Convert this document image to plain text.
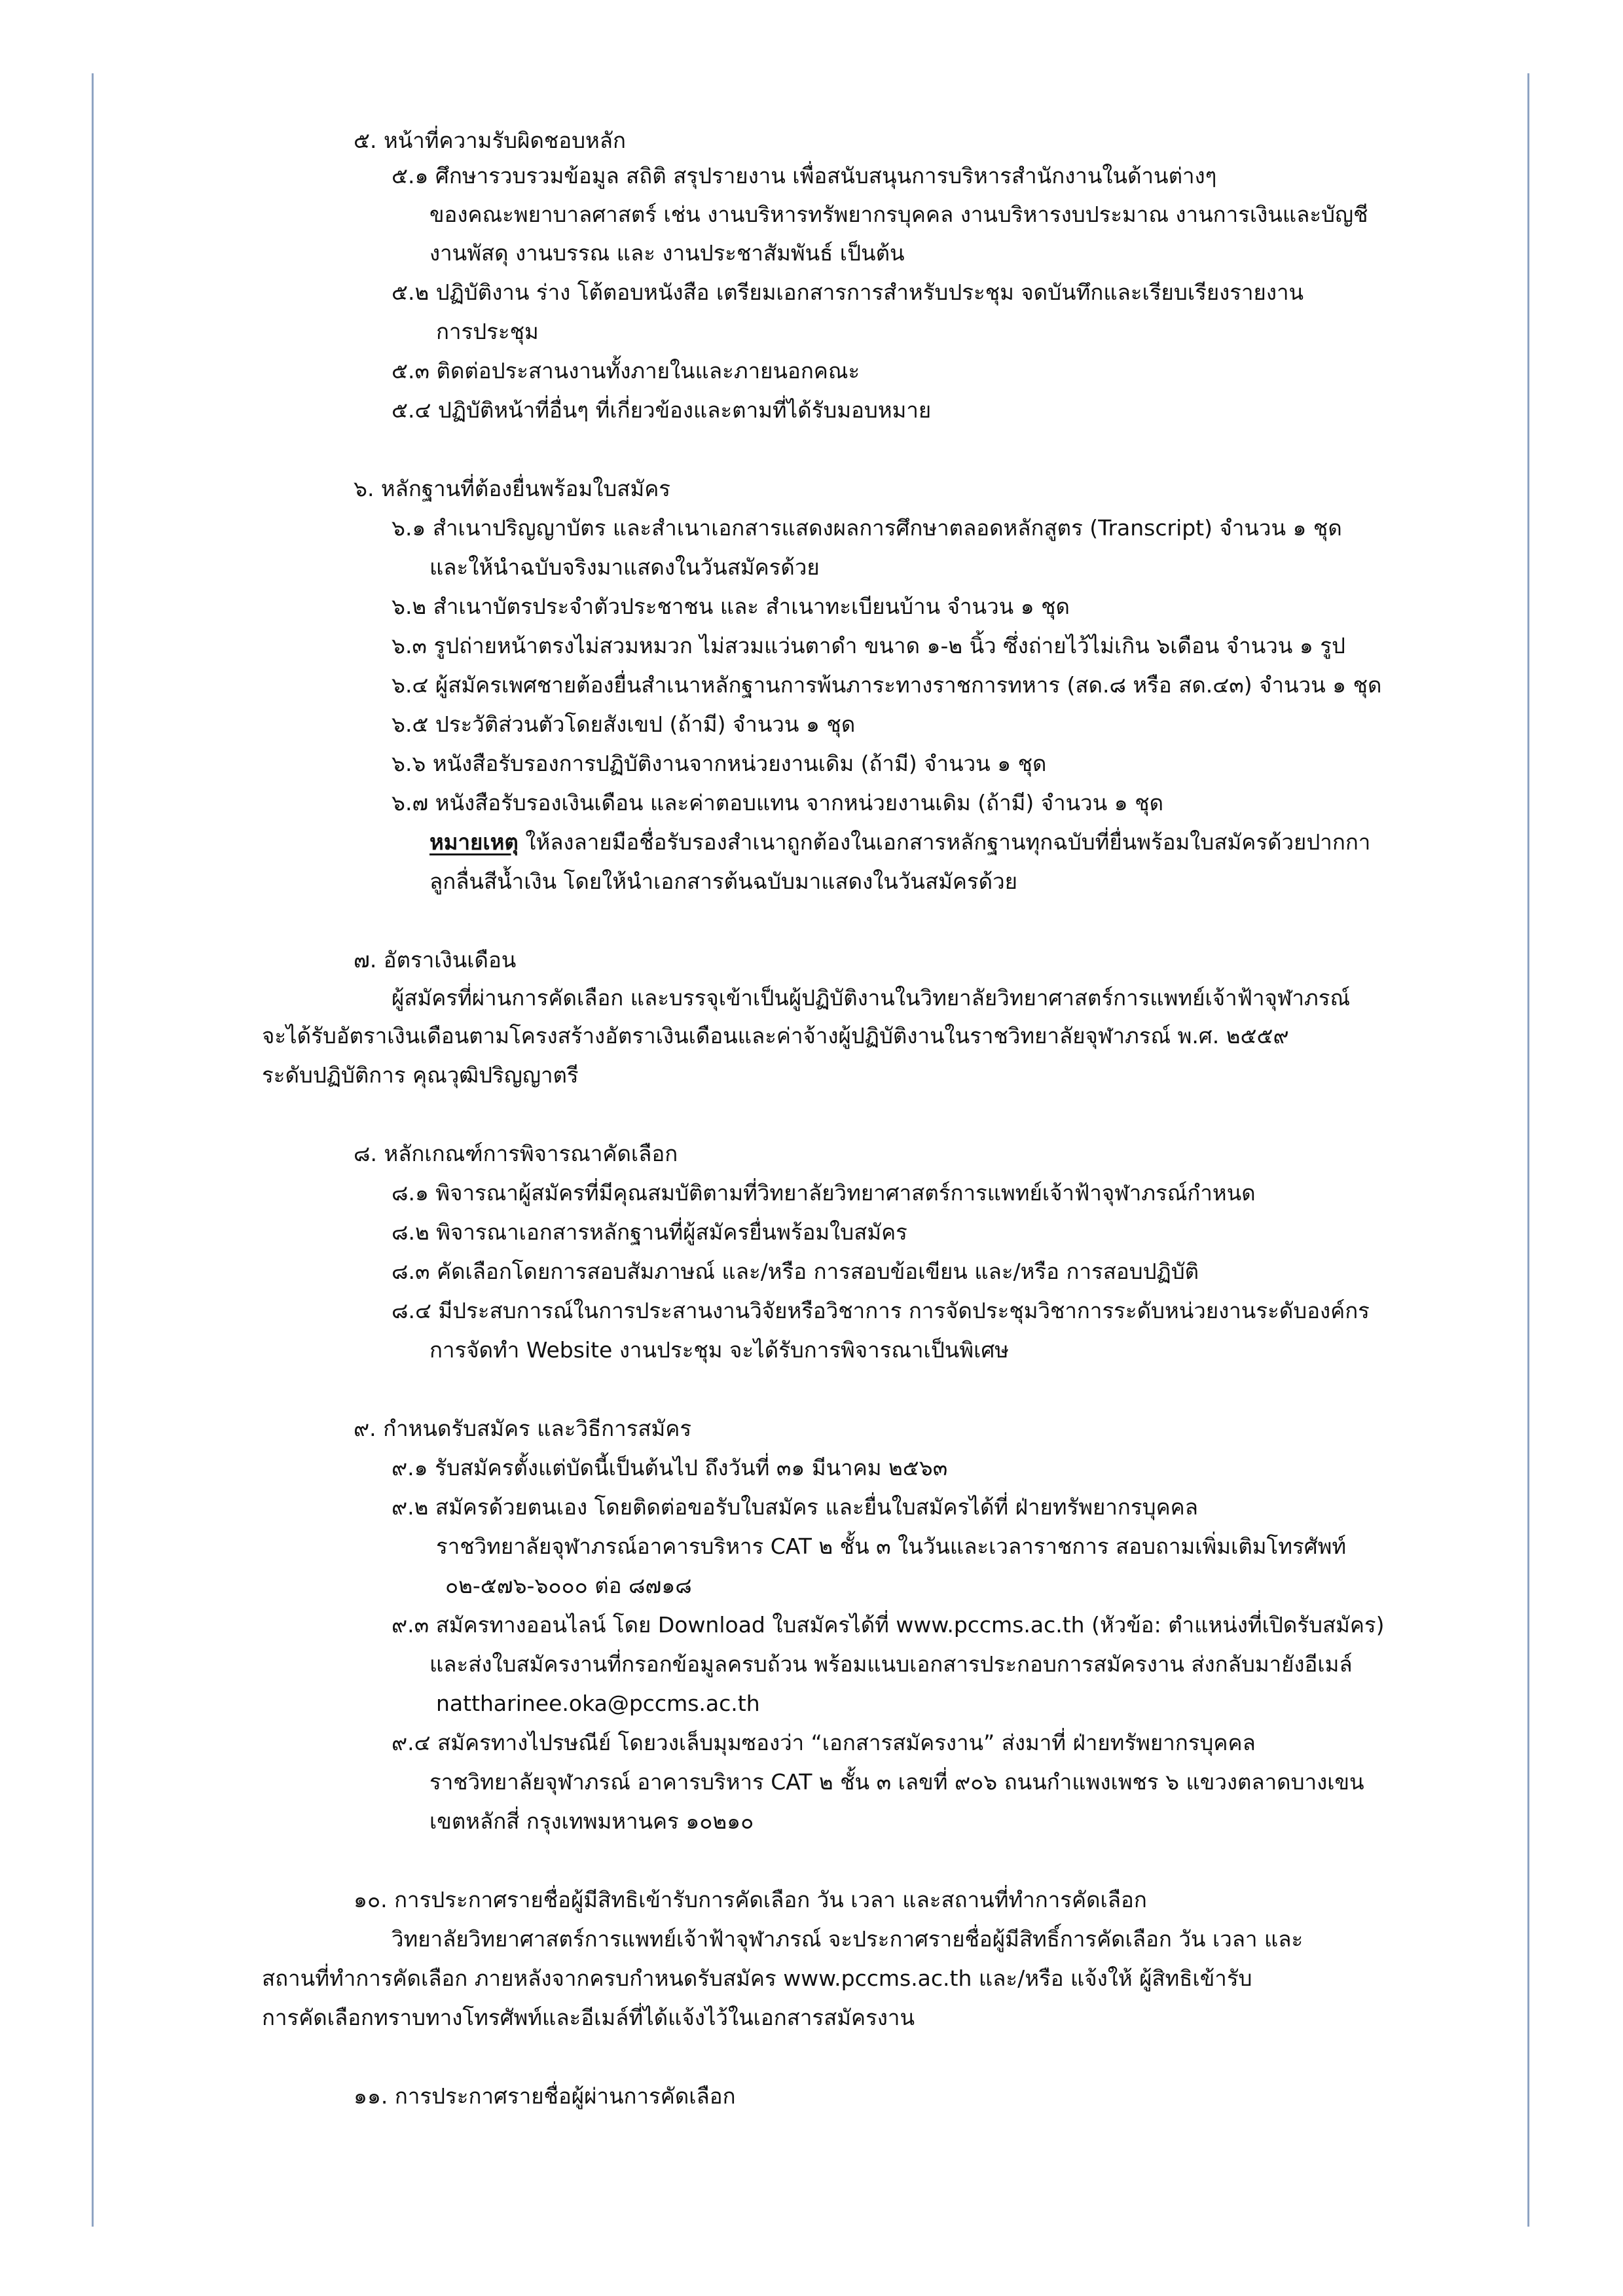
๕. หน้าที่ความรับผิดชอบหลัก
๕.๑ ศึกษารวบรวมข้อมูล สถิติ สรุปรายงาน เพื่อสนับสนุนการบริหารสำนักงานในด้านต่างๆ
ของคณะพยาบาลศาสตร์ เช่น งานบริหารทรัพยากรบุคคล งานบริหารงบประมาณ งานการเงินและบัญชี
งานพัสดุ งานบรรณ และ งานประชาสัมพันธ์ เป็นต้น
๕.๒ ปฏิบัติงาน ร่าง โต้ตอบหนังสือ เตรียมเอกสารการสำหรับประชุม จดบันทึกและเรียบเรียงรายงาน
การประชุม
๕.๓ ติดต่อประสานงานทั้งภายในและภายนอกคณะ
๕.๔ ปฏิบัติหน้าที่อื่นๆ ที่เกี่ยวข้องและตามที่ได้รับมอบหมาย
๖. หลักฐานที่ต้องยื่นพร้อมใบสมัคร
๖.๑ สำเนาปริญญาบัตร และสำเนาเอกสารแสดงผลการศึกษาตลอดหลักสูตร (Transcript) จำนวน ๑ ชุด
และให้นำฉบับจริงมาแสดงในวันสมัครด้วย
๖.๒ สำเนาบัตรประจำตัวประชาชน และ สำเนาทะเบียนบ้าน จำนวน ๑ ชุด
๖.๓ รูปถ่ายหน้าตรงไม่สวมหมวก ไม่สวมแว่นตาดำ ขนาด ๑-๒ นิ้ว ซึ่งถ่ายไว้ไม่เกิน ๖เดือน จำนวน ๑ รูป
๖.๔ ผู้สมัครเพศชายต้องยื่นสำเนาหลักฐานการพ้นภาระทางราชการทหาร (สด.๘ หรือ สด.๔๓) จำนวน ๑ ชุด
๖.๕ ประวัติส่วนตัวโดยสังเขป (ถ้ามี) จำนวน ๑ ชุด
๖.๖ หนังสือรับรองการปฏิบัติงานจากหน่วยงานเดิม (ถ้ามี) จำนวน ๑ ชุด
๖.๗ หนังสือรับรองเงินเดือน และค่าตอบแทน จากหน่วยงานเดิม (ถ้ามี) จำนวน ๑ ชุด
หมายเหตุ ให้ลงลายมือชื่อรับรองสำเนาถูกต้องในเอกสารหลักฐานทุกฉบับที่ยื่นพร้อมใบสมัครด้วยปากกา
ลูกลื่นสีน้ำเงิน โดยให้นำเอกสารต้นฉบับมาแสดงในวันสมัครด้วย
๗. อัตราเงินเดือน
ผู้สมัครที่ผ่านการคัดเลือก และบรรจุเข้าเป็นผู้ปฏิบัติงานในวิทยาลัยวิทยาศาสตร์การแพทย์เจ้าฟ้าจุฬาภรณ์
จะได้รับอัตราเงินเดือนตามโครงสร้างอัตราเงินเดือนและค่าจ้างผู้ปฏิบัติงานในราชวิทยาลัยจุฬาภรณ์ พ.ศ. ๒๕๕๙
ระดับปฏิบัติการ คุณวุฒิปริญญาตรี
๘. หลักเกณฑ์การพิจารณาคัดเลือก
๘.๑ พิจารณาผู้สมัครที่มีคุณสมบัติตามที่วิทยาลัยวิทยาศาสตร์การแพทย์เจ้าฟ้าจุฬาภรณ์กำหนด
๘.๒ พิจารณาเอกสารหลักฐานที่ผู้สมัครยื่นพร้อมใบสมัคร
๘.๓ คัดเลือกโดยการสอบสัมภาษณ์ และ/หรือ การสอบข้อเขียน และ/หรือ การสอบปฏิบัติ
๘.๔ มีประสบการณ์ในการประสานงานวิจัยหรือวิชาการ การจัดประชุมวิชาการระดับหน่วยงานระดับองค์กร
การจัดทำ Website งานประชุม จะได้รับการพิจารณาเป็นพิเศษ
๙. กำหนดรับสมัคร และวิธีการสมัคร
๙.๑ รับสมัครตั้งแต่บัดนี้เป็นต้นไป ถึงวันที่ ๓๑ มีนาคม ๒๕๖๓
๙.๒ สมัครด้วยตนเอง โดยติดต่อขอรับใบสมัคร และยื่นใบสมัครได้ที่ ฝ่ายทรัพยากรบุคคล
ราชวิทยาลัยจุฬาภรณ์อาคารบริหาร CAT ๒ ชั้น ๓ ในวันและเวลาราชการ สอบถามเพิ่มเติมโทรศัพท์
๐๒-๕๗๖-๖๐๐๐ ต่อ ๘๗๑๘
๙.๓ สมัครทางออนไลน์ โดย Download ใบสมัครได้ที่ www.pccms.ac.th (หัวข้อ: ตำแหน่งที่เปิดรับสมัคร)
และส่งใบสมัครงานที่กรอกข้อมูลครบถ้วน พร้อมแนบเอกสารประกอบการสมัครงาน ส่งกลับมายังอีเมล์
nattharinee.oka@pccms.ac.th
๙.๔ สมัครทางไปรษณีย์ โดยวงเล็บมุมซองว่า “เอกสารสมัครงาน” ส่งมาที่ ฝ่ายทรัพยากรบุคคล
ราชวิทยาลัยจุฬาภรณ์ อาคารบริหาร CAT ๒ ชั้น ๓ เลขที่ ๙๐๖ ถนนกำแพงเพชร ๖ แขวงตลาดบางเขน
เขตหลักสี่ กรุงเทพมหานคร ๑๐๒๑๐
๑๐. การประกาศรายชื่อผู้มีสิทธิเข้ารับการคัดเลือก วัน เวลา และสถานที่ทำการคัดเลือก
วิทยาลัยวิทยาศาสตร์การแพทย์เจ้าฟ้าจุฬาภรณ์ จะประกาศรายชื่อผู้มีสิทธิ์การคัดเลือก วัน เวลา และ
สถานที่ทำการคัดเลือก ภายหลังจากครบกำหนดรับสมัคร www.pccms.ac.th และ/หรือ แจ้งให้ ผู้สิทธิเข้ารับ
การคัดเลือกทราบทางโทรศัพท์และอีเมล์ที่ได้แจ้งไว้ในเอกสารสมัครงาน
๑๑. การประกาศรายชื่อผู้ผ่านการคัดเลือก
